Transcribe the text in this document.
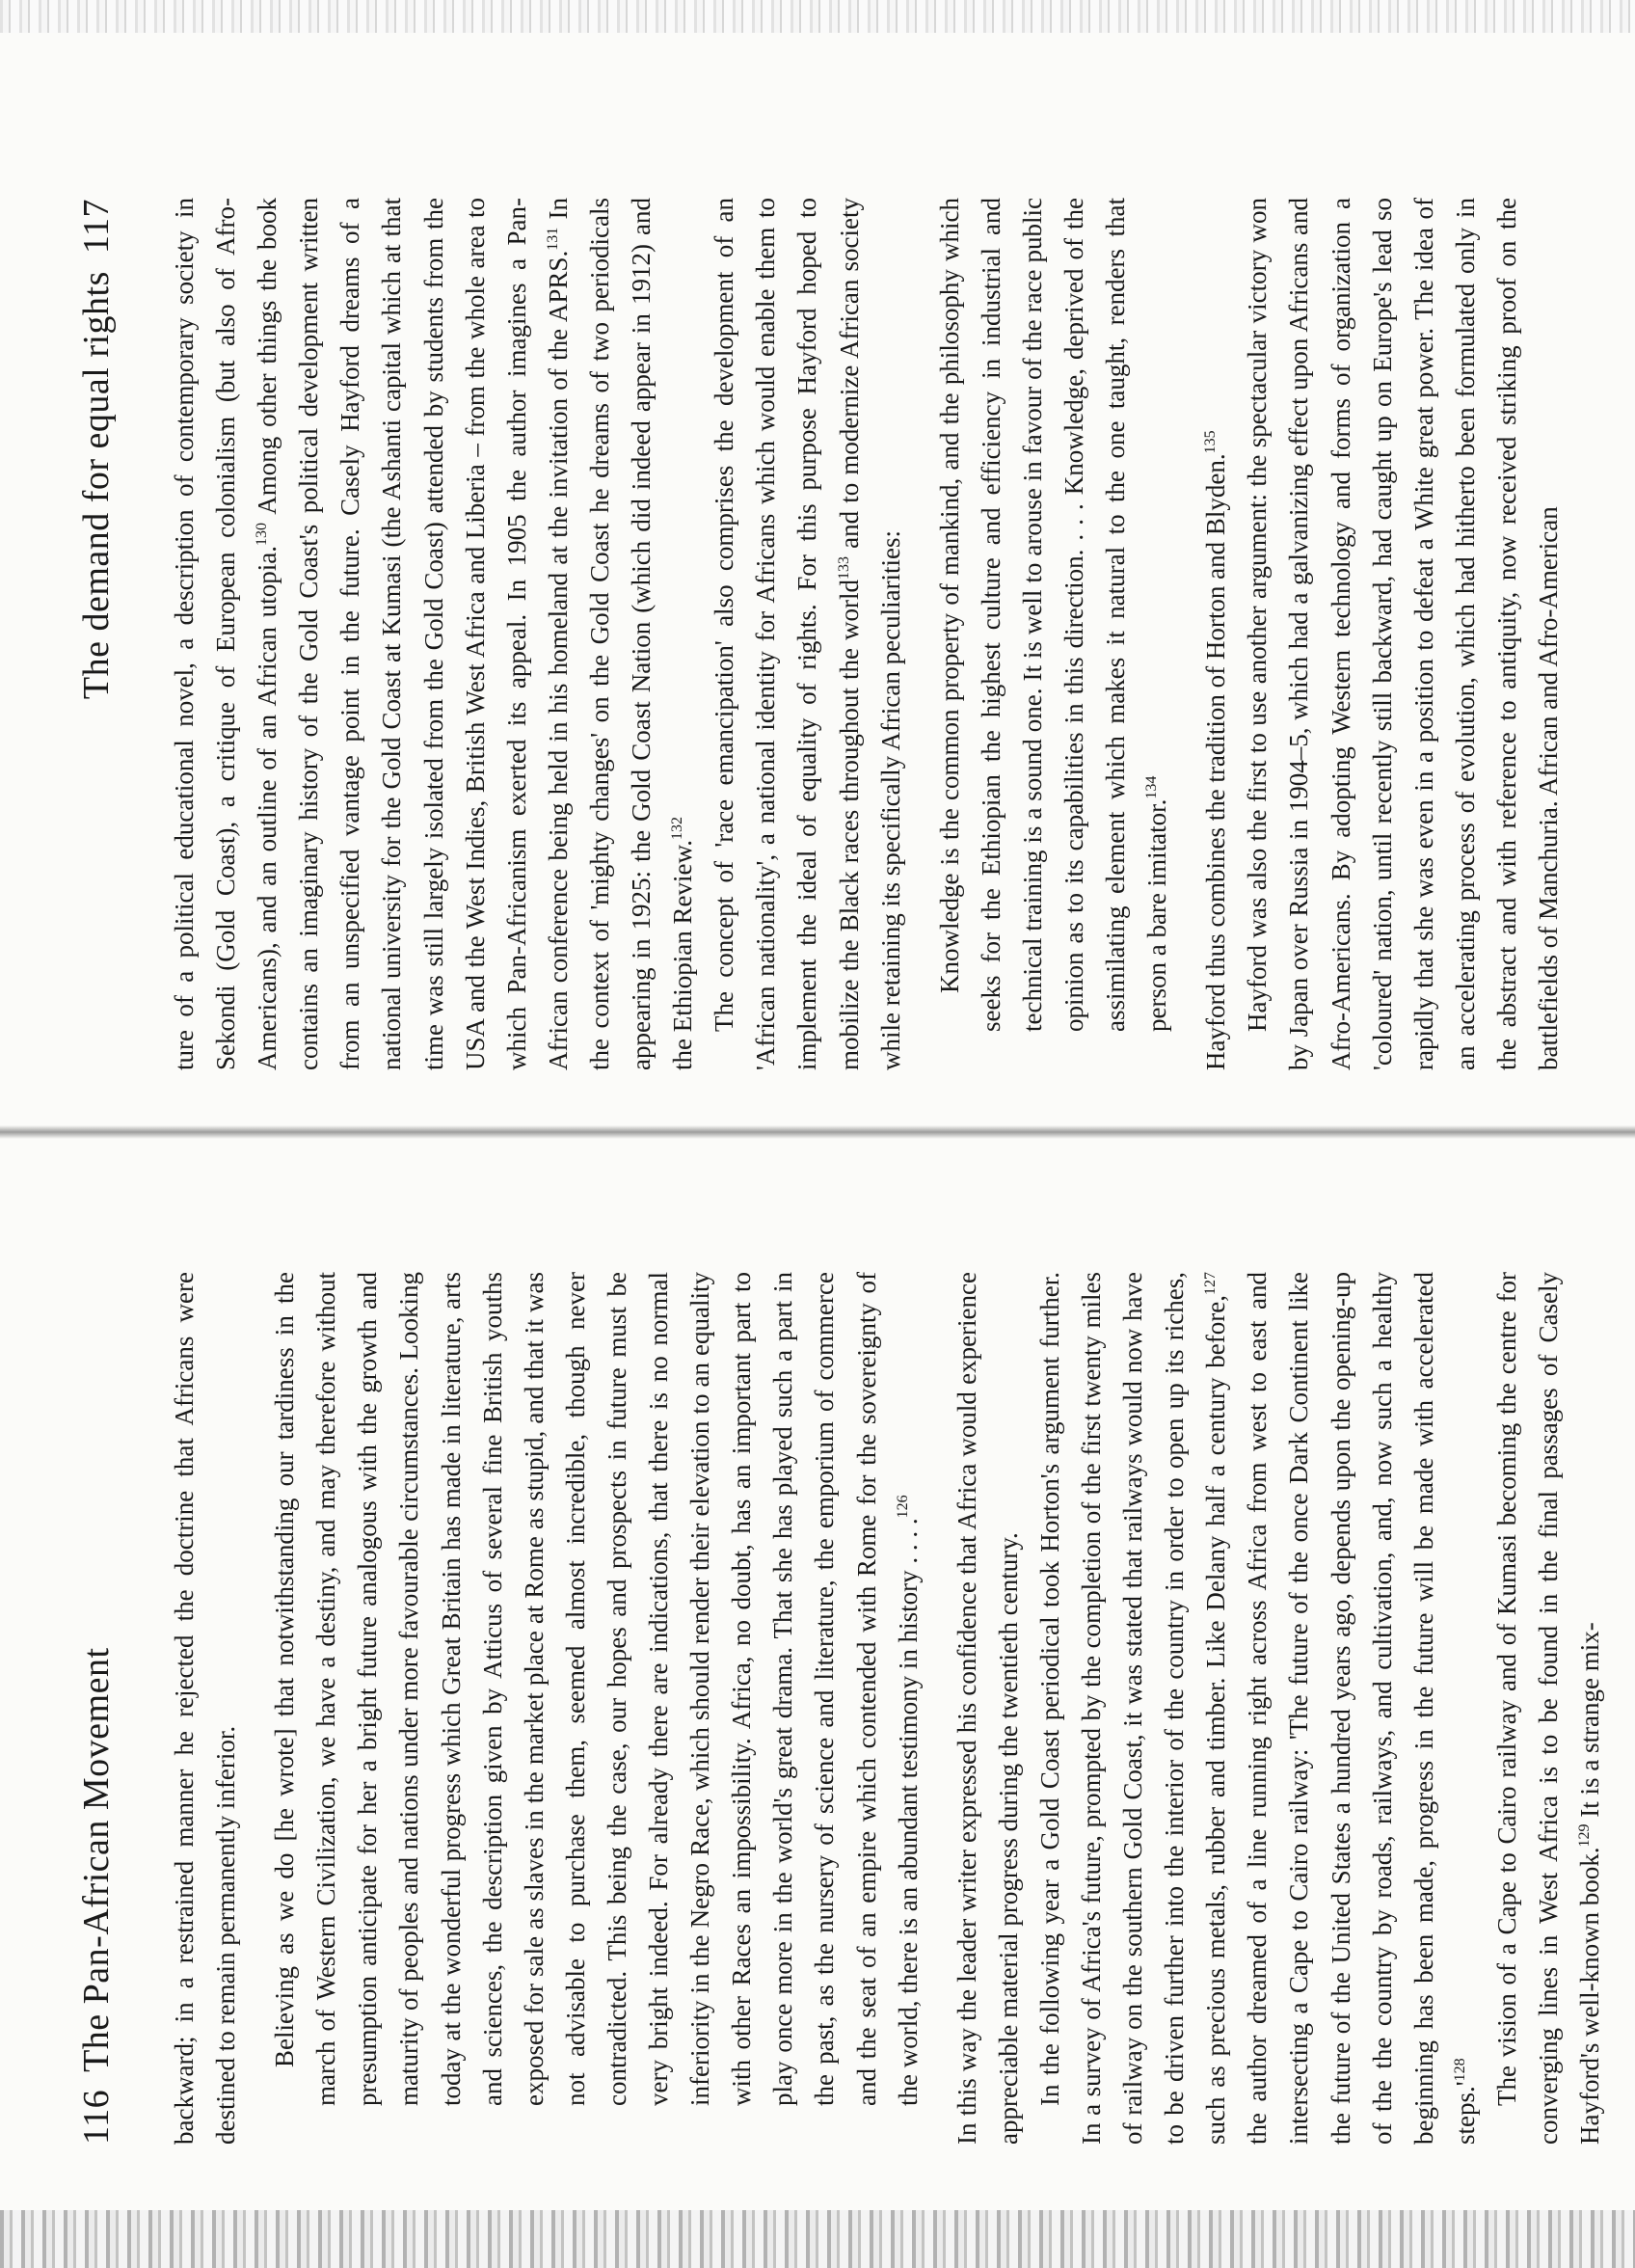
116The Pan-African Movement backward; in a restrained manner he rejected the doctrine that Africans were destined to remain permanently inferior. Believing as we do [he wrote] that notwithstanding our tardiness in the march of Western Civilization, we have a destiny, and may therefore without presumption anticipate for her a bright future analogous with the growth and maturity of peoples and nations under more favourable circumstances. Looking today at the wonderful progress which Great Britain has made in literature, arts and sciences, the description given by Atticus of several fine British youths exposed for sale as slaves in the market place at Rome as stupid, and that it was not advisable to purchase them, seemed almost incredible, though never contradicted. This being the case, our hopes and prospects in future must be very bright indeed. For already there are indications, that there is no normal inferiority in the Negro Race, which should render their elevation to an equality with other Races an impossibility. Africa, no doubt, has an important part to play once more in the world's great drama. That she has played such a part in the past, as the nursery of science and literature, the emporium of commerce and the seat of an empire which contended with Rome for the sovereignty of the world, there is an abundant testimony in history . . . .$^{126}$	In this way the leader writer expressed his confidence that Africa would experience appreciable material progress during the twentieth century. In the following year a Gold Coast periodical took Horton's argument further. In a survey of Africa's future, prompted by the completion of the first twenty miles of railway on the southern Gold Coast, it was stated that railways would now have to be driven further into the interior of the country in order to open up its riches, such as precious metals, rubber and timber. Like Delany half a century before,$^{127}$ the author dreamed of a line running right across Africa from west to east and intersecting a Cape to Cairo railway: 'The future of the once Dark Continent like the future of the United States a hundred years ago, depends upon the opening-up of the the country by roads, railways, and cultivation, and, now such a healthy beginning has been made, progress in the future will be made with accelerated $steps.'^{128}$ The vision of a Cape to Cairo railway and of Kumasi becoming the centre for converging lines in West Africa is to be found in the final passages of Casely Hayford's well-known book.$^{129}$ It is a strange mix-

The demand for equal rights117 ture of a political educational novel, a description of contemporary society in Sekondi (Gold Coast), a critique of European colonialism (but also of Afro-Americans), and an outline of an African utopia.$^{130}$ Among other things the book contains an imaginary history of the Gold Coast's political development written from an unspecified vantage point in the future. Casely Hayford dreams of a national university for the Gold Coast at Kumasi (the Ashanti capital which at that time was still largely isolated from the Gold Coast) attended by students from the USA and the West Indies, British West Africa and Liberia – from the whole area to which Pan-Africanism exerted its appeal. In 1905 the author imagines a Pan-African conference being held in his homeland at the invitation of the APRS.$^{131}$ In the context of 'mighty changes' on the Gold Coast he dreams of two periodicals appearing in 1925: the Gold Coast Nation (which did indeed appear in 1912) and the Ethiopian Review.$^{132}$ The concept of 'race emancipation' also comprises the development of an 'African nationality', a national identity for Africans which would enable them to implement the ideal of equality of rights. For this purpose Hayford hoped to mobilize the Black races throughout the world$^{133}$ and to modernize African society while retaining its specifically African peculiarities: Knowledge is the common property of mankind, and the philosophy which seeks for the Ethiopian the highest culture and efficiency in industrial and technical training is a sound one. It is well to arouse in favour of the race public opinion as to its capabilities in this direction. . . . Knowledge, deprived of the assimilating element which makes it natural to the one taught, renders that person a bare imitator.$^{134}$	Hayford thus combines the tradition of Horton and Blyden.$^{135}$ Hayford was also the first to use another argument: the spectacular victory won by Japan over Russia in 1904–5, which had a galvanizing effect upon Africans and Afro-Americans. By adopting Western technology and forms of organization a 'coloured' nation, until recently still backward, had caught up on Europe's lead so rapidly that she was even in a position to defeat a White great power. The idea of an accelerating process of evolution, which had hitherto been formulated only in the abstract and with reference to antiquity, now received striking proof on the battlefields of Manchuria. African and Afro-American
